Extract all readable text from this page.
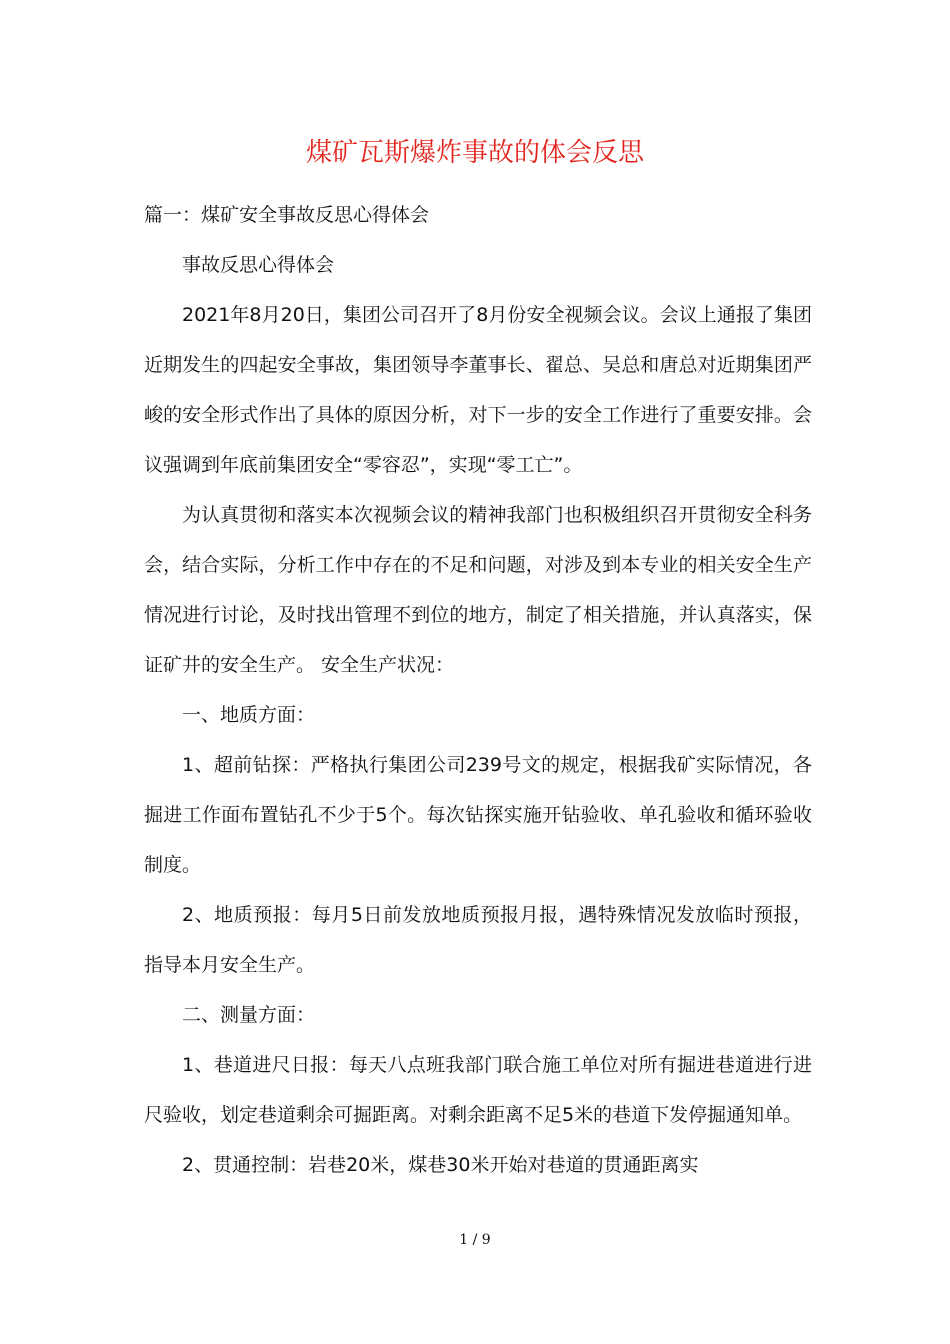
煤矿瓦斯爆炸事故的体会反思

篇一：煤矿安全事故反思心得体会

事故反思心得体会

2021年8月20日，集团公司召开了8月份安全视频会议。会议上通报了集团近期发生的四起安全事故，集团领导李董事长、翟总、吴总和唐总对近期集团严峻的安全形式作出了具体的原因分析，对下一步的安全工作进行了重要安排。会议强调到年底前集团安全“零容忍”，实现“零工亡”。

为认真贯彻和落实本次视频会议的精神我部门也积极组织召开贯彻安全科务会，结合实际，分析工作中存在的不足和问题，对涉及到本专业的相关安全生产情况进行讨论，及时找出管理不到位的地方，制定了相关措施，并认真落实，保证矿井的安全生产。 安全生产状况：

一、地质方面：

1、超前钻探：严格执行集团公司239号文的规定，根据我矿实际情况，各掘进工作面布置钻孔不少于5个。每次钻探实施开钻验收、单孔验收和循环验收制度。

2、地质预报：每月5日前发放地质预报月报，遇特殊情况发放临时预报，指导本月安全生产。

二、测量方面：

1、巷道进尺日报：每天八点班我部门联合施工单位对所有掘进巷道进行进尺验收，划定巷道剩余可掘距离。对剩余距离不足5米的巷道下发停掘通知单。

2、贯通控制：岩巷20米，煤巷30米开始对巷道的贯通距离实

1 / 9
